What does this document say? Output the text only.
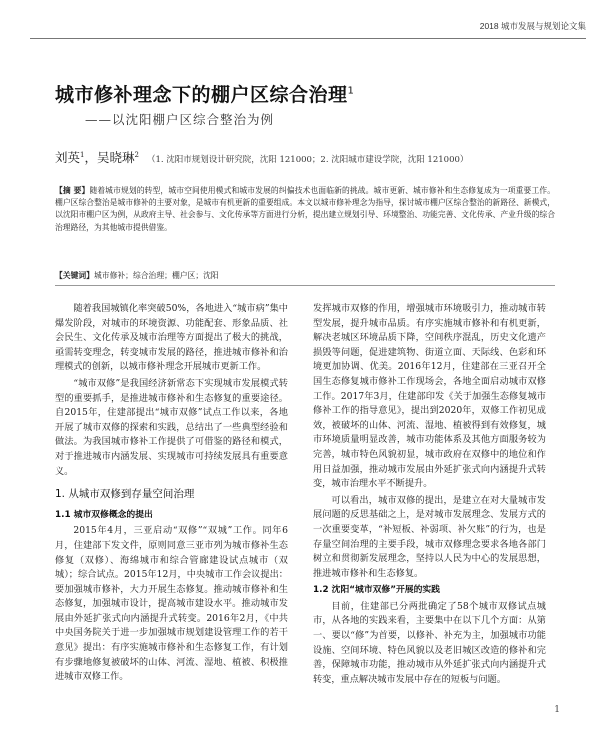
2018 城市发展与规划论文集
城市修补理念下的棚户区综合治理$^1$
——以沈阳棚户区综合整治为例
刘英$^1$，吴晓琳$^2$ （1. 沈阳市规划设计研究院，沈阳 121000；2. 沈阳城市建设学院，沈阳 121000）
【摘 要】随着城市规划的转型，城市空间使用模式和城市发展的纠偏技术也面临新的挑战。城市更新、城市修补和生态修复成为一项重要工作。棚户区综合整治是城市修补的主要对象，是城市有机更新的重要组成。本文以城市修补理念为指导，探讨城市棚户区综合整治的新路径、新模式，以沈阳市棚户区为例，从政府主导、社会参与、文化传承等方面进行分析，提出建立规划引导、环境整治、功能完善、文化传承、产业升级的综合治理路径，为其他城市提供借鉴。
【关键词】城市修补；综合治理；棚户区；沈阳

随着我国城镇化率突破50%，各地进入“城市病”集中爆发阶段，对城市的环境资源、功能配套、形象品质、社会民生、文化传承及城市治理等方面提出了极大的挑战，亟需转变理念，转变城市发展的路径，推进城市修补和治理模式的创新，以城市修补理念开展城市更新工作。

“城市双修”是我国经济新常态下实现城市发展模式转型的重要抓手，是推进城市修补和生态修复的重要途径。自2015年，住建部提出“城市双修”试点工作以来，各地开展了城市双修的探索和实践，总结出了一些典型经验和做法。为我国城市修补工作提供了可借鉴的路径和模式，对于推进城市内涵发展、实现城市可持续发展具有重要意义。

1. 从城市双修到存量空间治理
1.1 城市双修概念的提出

2015年4月，三亚启动“双修”“双城”工作。同年6月，住建部下发文件，原则同意三亚市列为城市修补生态修复（双修）、海绵城市和综合管廊建设试点城市（双城）；综合试点。2015年12月，中央城市工作会议提出：要加强城市修补，大力开展生态修复。推动城市修补和生态修复，加强城市设计，提高城市建设水平。推动城市发展由外延扩张式向内涵提升式转变。2016年2月，《中共中央国务院关于进一步加强城市规划建设管理工作的若干意见》提出：有序实施城市修补和生态修复工作，有计划有步骤地修复被破坏的山体、河流、湿地、植被、积极推进城市双修工作。

发挥城市双修的作用，增强城市环境吸引力，推动城市转型发展，提升城市品质。有序实施城市修补和有机更新，解决老城区环境品质下降，空间秩序混乱，历史文化遗产损毁等问题，促进建筑物、街道立面、天际线、色彩和环境更加协调、优美。2016年12月，住建部在三亚召开全国生态修复城市修补工作现场会，各地全面启动城市双修工作。2017年3月，住建部印发《关于加强生态修复城市修补工作的指导意见》，提出到2020年，双修工作初见成效，被破坏的山体、河流、湿地、植被得到有效修复，城市环境质量明显改善，城市功能体系及其他方面服务较为完善，城市特色风貌初显，城市政府在双修中的地位和作用日益加强，推动城市发展由外延扩张式向内涵提升式转变，城市治理水平不断提升。

可以看出，城市双修的提出，是建立在对大量城市发展问题的反思基础之上，是对城市发展理念、发展方式的一次重要变革，“补短板、补弱项、补欠账”的行为，也是存量空间治理的主要手段，城市双修理念要求各地各部门树立和贯彻新发展理念，坚持以人民为中心的发展思想，推进城市修补和生态修复。

1.2 沈阳“城市双修”开展的实践

目前，住建部已分两批确定了58个城市双修试点城市，从各地的实践来看，主要集中在以下几个方面：从第一、要以“修”为首要，以修补、补充为主，加强城市功能设施、空间环境、特色风貌以及老旧城区改造的修补和完善，保障城市功能，推动城市从外延扩张式向内涵提升式转变，重点解决城市发展中存在的短板与问题。

1
